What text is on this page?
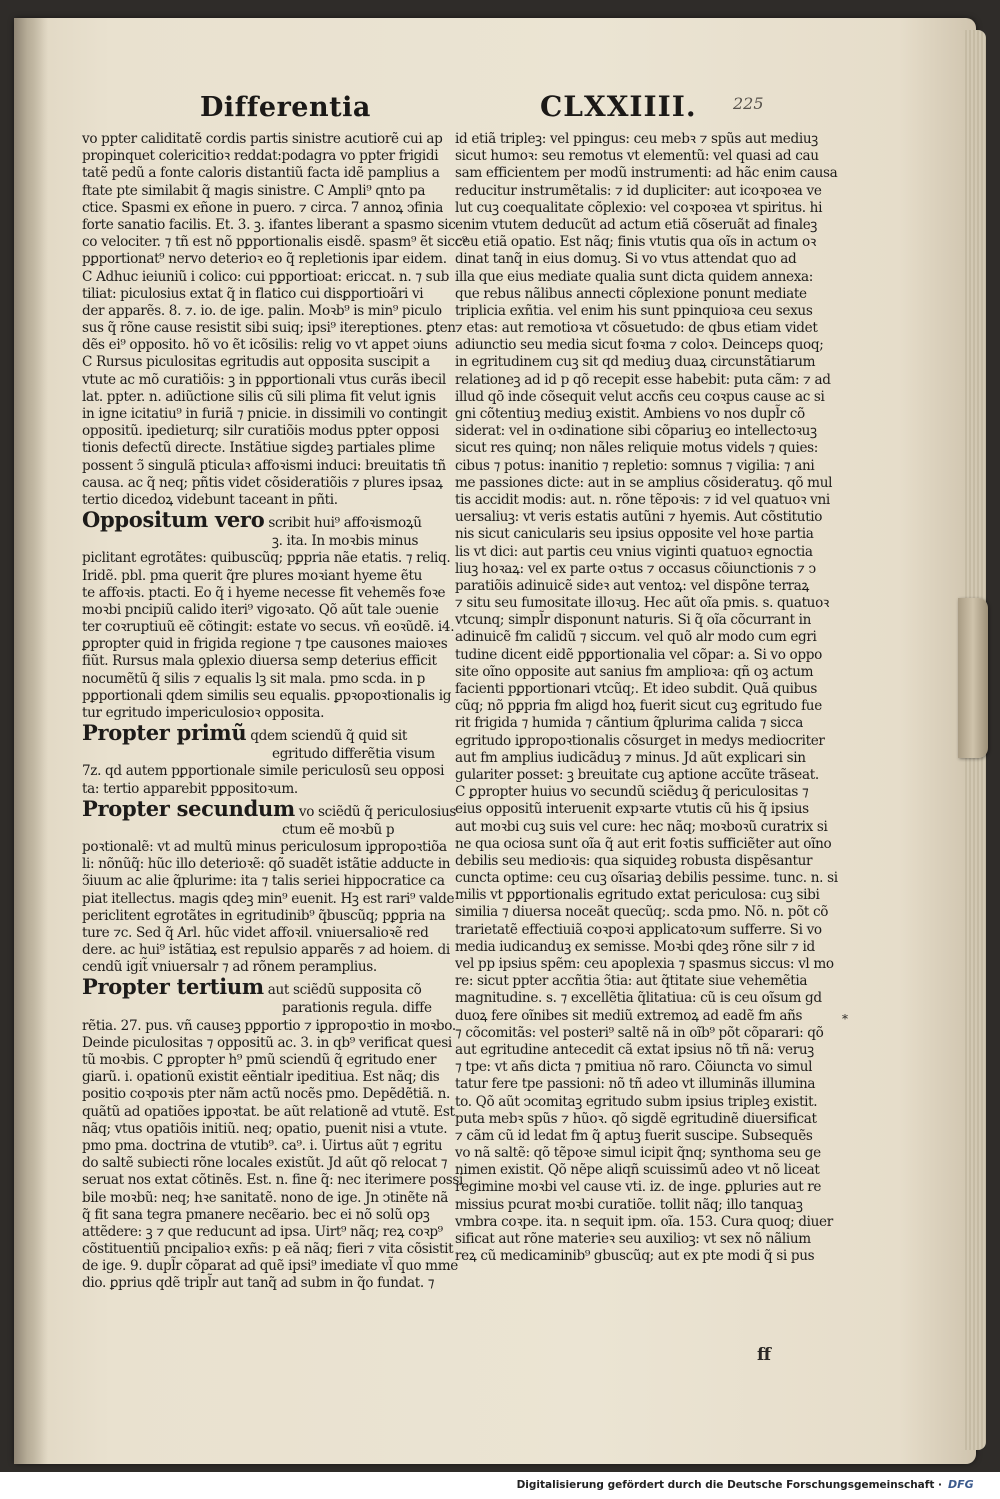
Differentia	CLXXIIII. 225
vo ppter caliditatẽ cordis partis sinistre acutiorẽ cui ap
propinquet colericitioꝛ reddat:podagra vo ppter frigidi
tatẽ pedũ a fonte caloris distantiũ facta idẽ pamplius a
ftate pte similabit q̃ magis sinistre. C Ampli⁹ qnto pa
ctice. Spasmi ex eñone in puero. ⁊ circa. 7 annoꝝ ↄfinia
forte sanatio facilis. Et. 3. ꝫ. ifantes liberant a spasmo sic
co velociter. ⁊ tñ est nõ pꝑportionalis eisdẽ. spasm⁹ ẽt sicc⁹
pꝑportionat⁹ nervo deterioꝛ eo q̃ repletionis ipar eidem.
C Adhuc ieiuniũ i colico: cui pꝑportioat: ericcat. n. ⁊ sub
tiliat: piculosius extat q̃ in flatico cui disꝑportioãri vi
der apparẽs. 8. ⁊. io. de ige. palin. Moꝛb⁹ is min⁹ piculo
sus q̃ rõne cause resistit sibi suiq; ipsi⁹ itereptiones. ꝑten
dẽs ei⁹ opposito. hõ vo ẽt icõsilis: relig vo vt appet ↄiuns
C Rursus piculositas egritudis aut opposita suscipit a
vtute ac mõ curatiõis: ꝫ in pꝑportionali vtus curãs ibecil
lat. ppter. n. adiũctione silis cũ sili plima fit velut ignis
in igne icitatiu⁹ in furiã ⁊ pnicie. in dissimili vo contingit
oppositũ. ipedieturq; silr curatiõis modus ppter opposi
tionis defectũ directe. Instãtiue sigdeꝫ partiales plime
possent ↄ̃ singulã pticulaꝛ affoꝛismi induci: breuitatis tñ
causa. ac q̃ neq; pñtis videt cõsideratiõis ⁊ plures ipsaꝝ
tertio dicedoꝝ videbunt taceant in pñti.
Oppositum vero scribit hui⁹ affoꝛismoꝝũ
ꝫ. ita. In moꝛbis minus
piclitant egrotãtes: quibuscũq; pꝑpria nãe etatis. ⁊ reliq.
Iridẽ. pbl. pma querit q̃re plures moꝛiant hyeme ẽtu
te affoꝛis. ptacti. Eo q̃ i hyeme necesse fit vehemẽs foꝛe
moꝛbi pncipiũ calido iteri⁹ vigoꝛato. Qõ aũt tale ↄuenie
ter coꝛruptiuũ eẽ cõtingit: estate vo secus. vñ eoꝛũdẽ. i4.
ꝑpropter quid in frigida regione ⁊ tpe causones maioꝛes
fiũt. Rursus mala ꝯplexio diuersa semp deterius efficit
nocumẽtũ q̃ silis ⁊ equalis lꝫ sit mala. pmo scda. in p
pꝑportionali qdem similis seu equalis. ꝑpꝛopoꝛtionalis ig
tur egritudo impericulosioꝛ opposita.
Propter primũ qdem sciendũ q̃ quid sit
egritudo differẽtia visum
7z. qd autem pꝑportionale simile periculosũ seu opposi
ta: tertio apparebit pꝑpositoꝛum.
Propter secundum vo sciẽdũ q̃ periculosius
ctum eẽ moꝛbũ p
poꝛtionalẽ: vt ad multũ minus periculosum iꝑpropoꝛtiõa
li: nõnũq̃: hũc illo deterioꝛẽ: qõ suadẽt istãtie adducte in
ↄ̃iuum ac alie q̃plurime: ita ⁊ talis seriei hippocratice ca
piat itellectus. magis qdeꝫ min⁹ euenit. Hꝫ est rari⁹ valde
periclitent egrotãtes in egritudinib⁹ q̃buscũq; pꝑpria na
ture ⁊c. Sed q̃ Arl. hũc videt affoꝛil. vniuersalioꝛẽ red
dere. ac hui⁹ istãtiaꝝ est repulsio apparẽs ⁊ ad hoiem. di
cendũ igit̃ vniuersalr ⁊ ad rõnem peramplius.
Propter tertium aut sciẽdũ supposita cõ
parationis regula. diffe
rẽtia. 27. pus. vñ causeꝫ pꝑportio ⁊ iꝑpropoꝛtio in moꝛbo.
Deinde piculositas ⁊ oppositũ ac. 3. in qb⁹ verificat quesi
tũ moꝛbis. C ꝑpropter h⁹ pmũ sciendũ q̃ egritudo ener
giarũ. i. opationũ existit eẽntialr ipeditiua. Est nãq; dis
positio coꝛpoꝛis pter nãm actũ nocẽs pmo. Depẽdẽtiã. n.
quãtũ ad opatiões iꝑpoꝛtat. be aũt relationẽ ad vtutẽ. Est
nãq; vtus opatiõis initiũ. neq; opatio, puenit nisi a vtute.
pmo pma. doctrina de vtutib⁹. ca⁹. i. Uirtus aũt ⁊ egritu
do saltẽ subiecti rõne locales existũt. Jd aũt qõ relocat ⁊
seruat nos extat cõtinẽs. Est. n. fine q̃: nec iterimere possi
bile moꝛbũ: neq; hꝛe sanitatẽ. nono de ige. Jn ↄtinẽte nã
q̃ fit sana tegra pmanere necẽario. bec ei nõ solũ opꝫ
attẽdere: ꝫ ⁊ que reducunt ad ipsa. Uirt⁹ nãq; reꝝ coꝛp⁹
cõstituentiũ pncipalioꝛ exñs: p eã nãq; fieri ⁊ vita cõsistit
de ige. 9. dupl̃r cõparat ad quẽ ipsi⁹ imediate vl̃ quo mme
dio. ꝑprius qdẽ tripl̃r aut tanq̃ ad subm in q̃o fundat. ⁊
id etiã tripleꝫ: vel ppingus: ceu mebꝛ ⁊ spũs aut mediuꝫ
sicut humoꝛ: seu remotus vt elementũ: vel quasi ad cau
sam efficientem per modũ instrumenti: ad hãc enim causa
reducitur instrumẽtalis: ⁊ id dupliciter: aut icoꝛpoꝛea ve
lut cuꝫ coequalitate cõplexio: vel coꝛpoꝛea vt spiritus. hi
enim vtutem deducũt ad actum etiã cõseruãt ad finaleꝫ
ceu etiã opatio. Est nãq; finis vtutis qua oĩs in actum oꝛ
dinat tanq̃ in eius domuꝫ. Si vo vtus attendat quo ad
illa que eius mediate qualia sunt dicta quidem annexa:
que rebus nãlibus annecti cõplexione ponunt mediate
triplicia exñtia. vel enim his sunt ppinquioꝛa ceu sexus
⁊ etas: aut remotioꝛa vt cõsuetudo: de qbus etiam videt
adiunctio seu media sicut foꝛma ⁊ coloꝛ. Deinceps quoq;
in egritudinem cuꝫ sit qd mediuꝫ duaꝝ circunstãtiarum
relationeꝫ ad id p qõ recepit esse habebit: puta cãm: ⁊ ad
illud qõ inde cõsequit velut accñs ceu coꝛpus cause ac si
gni cõtentiuꝫ mediuꝫ existit. Ambiens vo nos dupl̃r cõ
siderat: vel in oꝛdinatione sibi cõpariuꝫ eo intellectoꝛuꝫ
sicut res quinq; non nãles reliquie motus videls ⁊ quies:
cibus ⁊ potus: inanitio ⁊ repletio: somnus ⁊ vigilia: ⁊ ani
me passiones dicte: aut in se amplius cõsideratuꝫ. qõ mul
tis accidit modis: aut. n. rõne tẽpoꝛis: ⁊ id vel quatuoꝛ vni
uersaliuꝫ: vt veris estatis autũni ⁊ hyemis. Aut cõstitutio
nis sicut canicularis seu ipsius opposite vel hoꝛe partia
lis vt dici: aut partis ceu vnius viginti quatuoꝛ egnoctia
liuꝫ hoꝛaꝝ: vel ex parte oꝛtus ⁊ occasus cõiunctionis ⁊ ↄ
paratiõis adinuicẽ sideꝛ aut ventoꝝ: vel dispõne terraꝝ
⁊ situ seu fumositate illoꝛuꝫ. Hec aũt oĩa pmis. s. quatuoꝛ
vtcunq; simpl̃r disponunt naturis. Si q̃ oĩa cõcurrant in
adinuicẽ fm calidũ ⁊ siccum. vel quõ alr modo cum egri
tudine dicent eidẽ pꝑportionalia vel cõpar: a. Si vo oppo
site oĩno opposite aut sanius fm amplioꝛa: qñ oꝫ actum
facienti pꝑportionari vtcũq;. Et ideo subdit. Quã quibus
cũq; nõ pꝑpria fm aligd hoꝝ fuerit sicut cuꝫ egritudo fue
rit frigida ⁊ humida ⁊ cãntium q̃plurima calida ⁊ sicca
egritudo iꝑpropoꝛtionalis cõsurget in medys mediocriter
aut fm amplius iudicãduꝫ ⁊ minus. Jd aũt explicari sin
gulariter posset: ꝫ breuitate cuꝫ aptione accũte trãseat.
C ꝑpropter huius vo secundũ sciẽduꝫ q̃ periculositas ⁊
eius oppositũ interuenit expꝛarte vtutis cũ his q̃ ipsius
aut moꝛbi cuꝫ suis vel cure: hec nãq; moꝛboꝛũ curatrix si
ne qua ociosa sunt oĩa q̃ aut erit foꝛtis sufficiẽter aut oĩno
debilis seu medioꝛis: qua siquideꝫ robusta dispẽsantur
cuncta optime: ceu cuꝫ oĩsariaꝫ debilis pessime. tunc. n. si
milis vt pꝑportionalis egritudo extat periculosa: cuꝫ sibi
similia ⁊ diuersa noceãt quecũq;. scda pmo. Nõ. n. põt cõ
trarietatẽ effectiuiã coꝛpoꝛi applicatoꝛum sufferre. Si vo
media iudicanduꝫ ex semisse. Moꝛbi qdeꝫ rõne silr ⁊ id
vel pp ipsius spẽm: ceu apoplexia ⁊ spasmus siccus: vl mo
re: sicut ppter accñtia ↄ̃tia: aut q̃titate siue vehemẽtia
magnitudine. s. ⁊ excellẽtia q̃litatiua: cũ is ceu oĩsum gd
duoꝝ fere oĩnibes sit mediũ extremoꝝ ad eadẽ fm añs
⁊ cõcomitãs: vel posteri⁹ saltẽ nã in oĩb⁹ põt cõparari: qõ
aut egritudine antecedit cã extat ipsius nõ tñ nã: veruꝫ
⁊ tpe: vt añs dicta ⁊ pmitiua nõ raro. Cõiuncta vo simul
tatur fere tpe passioni: nõ tñ adeo vt illuminãs illumina
to. Qõ aũt ↄcomitaꝫ egritudo subm ipsius tripleꝫ existit.
puta mebꝛ spũs ⁊ hũoꝛ. qõ sigdẽ egritudinẽ diuersificat
⁊ cãm cũ id ledat fm q̃ aptuꝫ fuerit suscipe. Subsequẽs
vo nã saltẽ: qõ tẽpoꝛe simul icipit q̃nq; synthoma seu ge
nimen existit. Qõ nẽpe aliqñ scuissimũ adeo vt nõ liceat
regimine moꝛbi vel cause vti. iz. de inge. ꝑpluries aut re
missius pcurat moꝛbi curatiõe. tollit nãq; illo tanquaꝫ
vmbra coꝛpe. ita. n sequit ipm. oĩa. 153. Cura quoq; diuer
sificat aut rõne materieꝛ seu auxilioꝫ: vt sex nõ nãlium
reꝝ cũ medicaminib⁹ gbuscũq; aut ex pte modi q̃ si pus
ff
*
Digitalisierung gefördert durch die Deutsche Forschungsgemeinschaft · DFG
